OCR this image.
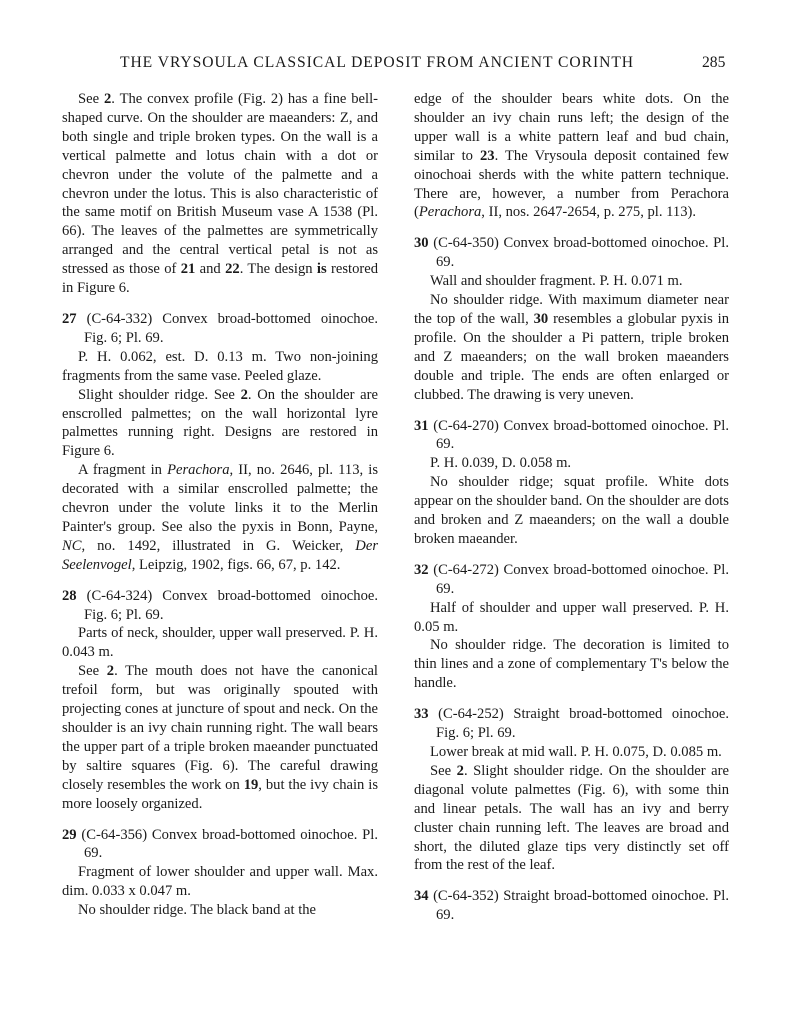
THE VRYSOULA CLASSICAL DEPOSIT FROM ANCIENT CORINTH	285

See 2. The convex profile (Fig. 2) has a fine bell-shaped curve. On the shoulder are maeanders: Z, and both single and triple broken types. On the wall is a vertical palmette and lotus chain with a dot or chevron under the volute of the palmette and a chevron under the lotus. This is also characteristic of the same motif on British Museum vase A 1538 (Pl. 66). The leaves of the palmettes are symmetrically arranged and the central vertical petal is not as stressed as those of 21 and 22. The design is restored in Figure 6.

27 (C-64-332) Convex broad-bottomed oinochoe. Fig. 6; Pl. 69.

P. H. 0.062, est. D. 0.13 m. Two non-joining fragments from the same vase. Peeled glaze.

Slight shoulder ridge. See 2. On the shoulder are enscrolled palmettes; on the wall horizontal lyre palmettes running right. Designs are restored in Figure 6.

A fragment in Perachora, II, no. 2646, pl. 113, is decorated with a similar enscrolled palmette; the chevron under the volute links it to the Merlin Painter's group. See also the pyxis in Bonn, Payne, NC, no. 1492, illustrated in G. Weicker, Der Seelenvogel, Leipzig, 1902, figs. 66, 67, p. 142.

28 (C-64-324) Convex broad-bottomed oinochoe. Fig. 6; Pl. 69.

Parts of neck, shoulder, upper wall preserved. P. H. 0.043 m.

See 2. The mouth does not have the canonical trefoil form, but was originally spouted with projecting cones at juncture of spout and neck. On the shoulder is an ivy chain running right. The wall bears the upper part of a triple broken maeander punctuated by saltire squares (Fig. 6). The careful drawing closely resembles the work on 19, but the ivy chain is more loosely organized.

29 (C-64-356) Convex broad-bottomed oinochoe. Pl. 69.

Fragment of lower shoulder and upper wall. Max. dim. 0.033 x 0.047 m.

No shoulder ridge. The black band at the

edge of the shoulder bears white dots. On the shoulder an ivy chain runs left; the design of the upper wall is a white pattern leaf and bud chain, similar to 23. The Vrysoula deposit contained few oinochoai sherds with the white pattern technique. There are, however, a number from Perachora (Perachora, II, nos. 2647-2654, p. 275, pl. 113).

30 (C-64-350) Convex broad-bottomed oinochoe. Pl. 69.

Wall and shoulder fragment. P. H. 0.071 m.

No shoulder ridge. With maximum diameter near the top of the wall, 30 resembles a globular pyxis in profile. On the shoulder a Pi pattern, triple broken and Z maeanders; on the wall broken maeanders double and triple. The ends are often enlarged or clubbed. The drawing is very uneven.

31 (C-64-270) Convex broad-bottomed oinochoe. Pl. 69.

P. H. 0.039, D. 0.058 m.

No shoulder ridge; squat profile. White dots appear on the shoulder band. On the shoulder are dots and broken and Z maeanders; on the wall a double broken maeander.

32 (C-64-272) Convex broad-bottomed oinochoe. Pl. 69.

Half of shoulder and upper wall preserved. P. H. 0.05 m.

No shoulder ridge. The decoration is limited to thin lines and a zone of complementary T's below the handle.

33 (C-64-252) Straight broad-bottomed oinochoe. Fig. 6; Pl. 69.

Lower break at mid wall. P. H. 0.075, D. 0.085 m.

See 2. Slight shoulder ridge. On the shoulder are diagonal volute palmettes (Fig. 6), with some thin and linear petals. The wall has an ivy and berry cluster chain running left. The leaves are broad and short, the diluted glaze tips very distinctly set off from the rest of the leaf.

34 (C-64-352) Straight broad-bottomed oinochoe. Pl. 69.
